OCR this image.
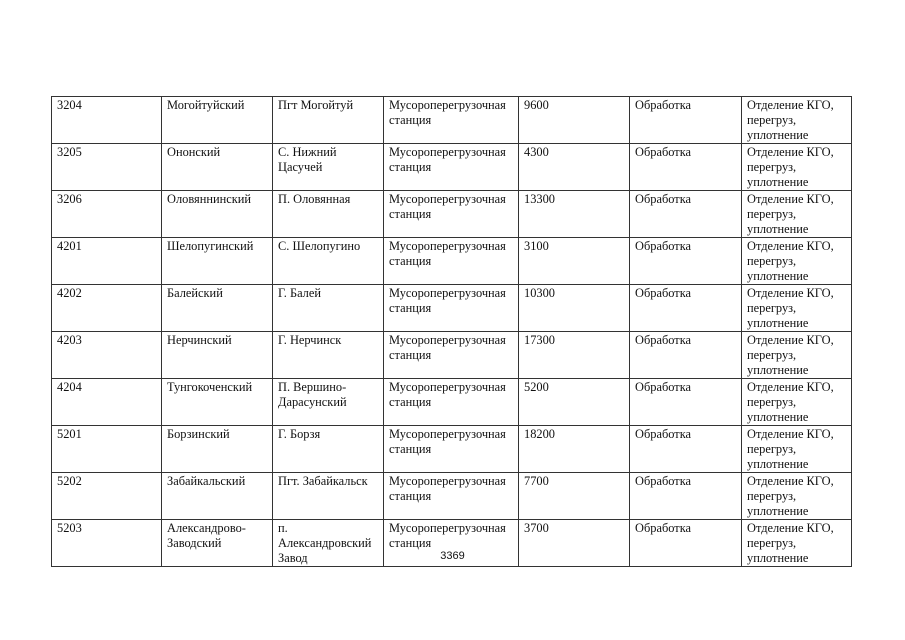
3204	Могойтуйский	Пгт Могойтуй	Мусороперегрузочная станция	9600	Обработка	Отделение КГО, перегруз, уплотнение
3205	Ононский	С. Нижний Цасучей	Мусороперегрузочная станция	4300	Обработка	Отделение КГО, перегруз, уплотнение
3206	Оловяннинский	П. Оловянная	Мусороперегрузочная станция	13300	Обработка	Отделение КГО, перегруз, уплотнение
4201	Шелопугинский	С. Шелопугино	Мусороперегрузочная станция	3100	Обработка	Отделение КГО, перегруз, уплотнение
4202	Балейский	Г. Балей	Мусороперегрузочная станция	10300	Обработка	Отделение КГО, перегруз, уплотнение
4203	Нерчинский	Г. Нерчинск	Мусороперегрузочная станция	17300	Обработка	Отделение КГО, перегруз, уплотнение
4204	Тунгокоченский	П. Вершино-Дарасунский	Мусороперегрузочная станция	5200	Обработка	Отделение КГО, перегруз, уплотнение
5201	Борзинский	Г. Борзя	Мусороперегрузочная станция	18200	Обработка	Отделение КГО, перегруз, уплотнение
5202	Забайкальский	Пгт. Забайкальск	Мусороперегрузочная станция	7700	Обработка	Отделение КГО, перегруз, уплотнение
5203	Александрово-Заводский	п. Александровский Завод	Мусороперегрузочная станция	3700	Обработка	Отделение КГО, перегруз, уплотнение
3369
